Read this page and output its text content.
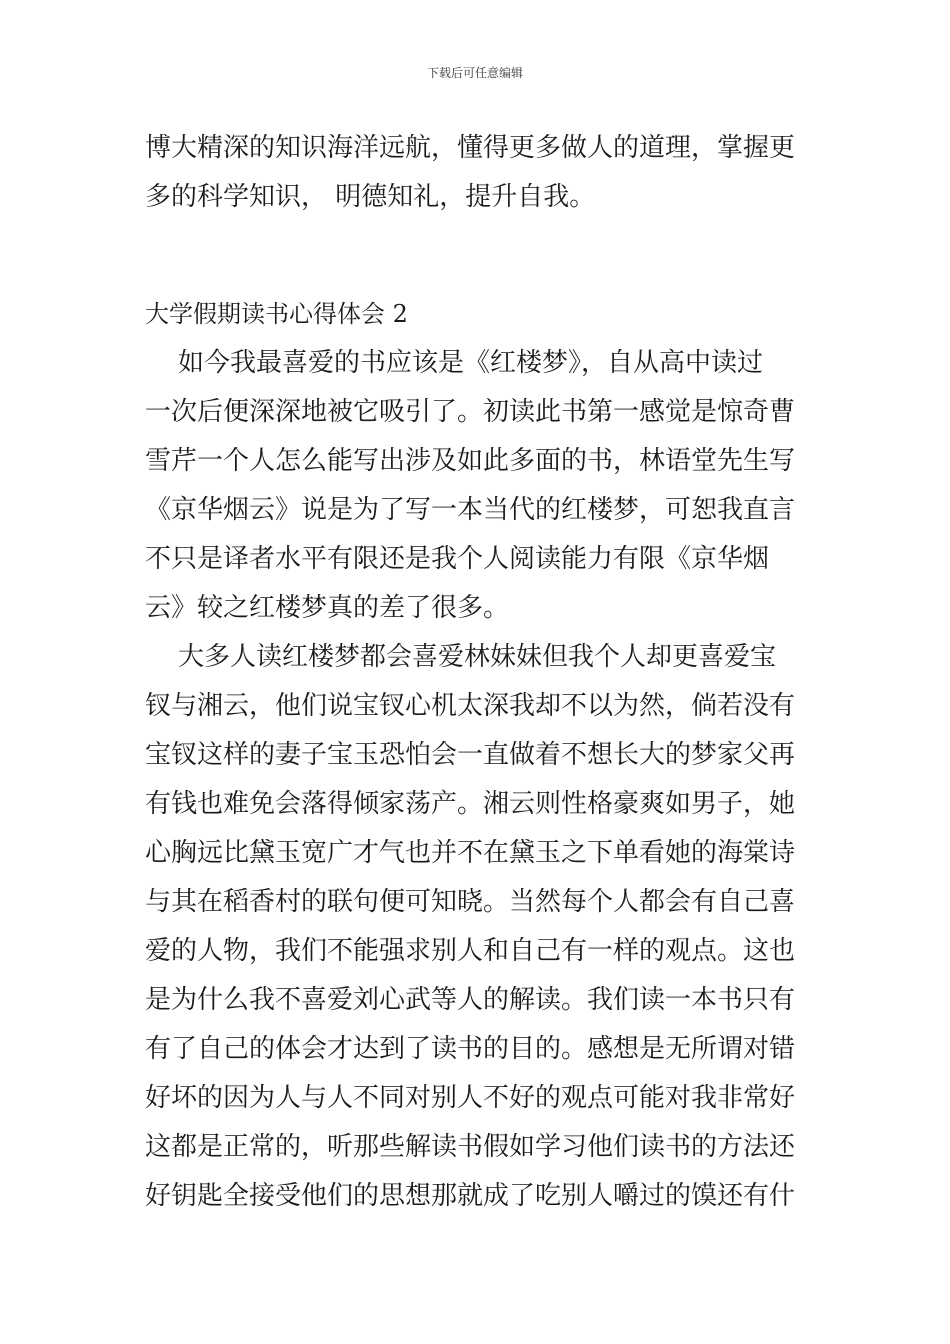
下载后可任意编辑
博大精深的知识海洋远航，懂得更多做人的道理，掌握更
多的科学知识， 明德知礼，提升自我。
大学假期读书心得体会 2
如今我最喜爱的书应该是《红楼梦》，自从高中读过
一次后便深深地被它吸引了。初读此书第一感觉是惊奇曹
雪芹一个人怎么能写出涉及如此多面的书，林语堂先生写
《京华烟云》说是为了写一本当代的红楼梦，可恕我直言
不只是译者水平有限还是我个人阅读能力有限《京华烟
云》较之红楼梦真的差了很多。
大多人读红楼梦都会喜爱林妹妹但我个人却更喜爱宝
钗与湘云，他们说宝钗心机太深我却不以为然，倘若没有
宝钗这样的妻子宝玉恐怕会一直做着不想长大的梦家父再
有钱也难免会落得倾家荡产。湘云则性格豪爽如男子，她
心胸远比黛玉宽广才气也并不在黛玉之下单看她的海棠诗
与其在稻香村的联句便可知晓。当然每个人都会有自己喜
爱的人物，我们不能强求别人和自己有一样的观点。这也
是为什么我不喜爱刘心武等人的解读。我们读一本书只有
有了自己的体会才达到了读书的目的。感想是无所谓对错
好坏的因为人与人不同对别人不好的观点可能对我非常好
这都是正常的，听那些解读书假如学习他们读书的方法还
好钥匙全接受他们的思想那就成了吃别人嚼过的馍还有什
